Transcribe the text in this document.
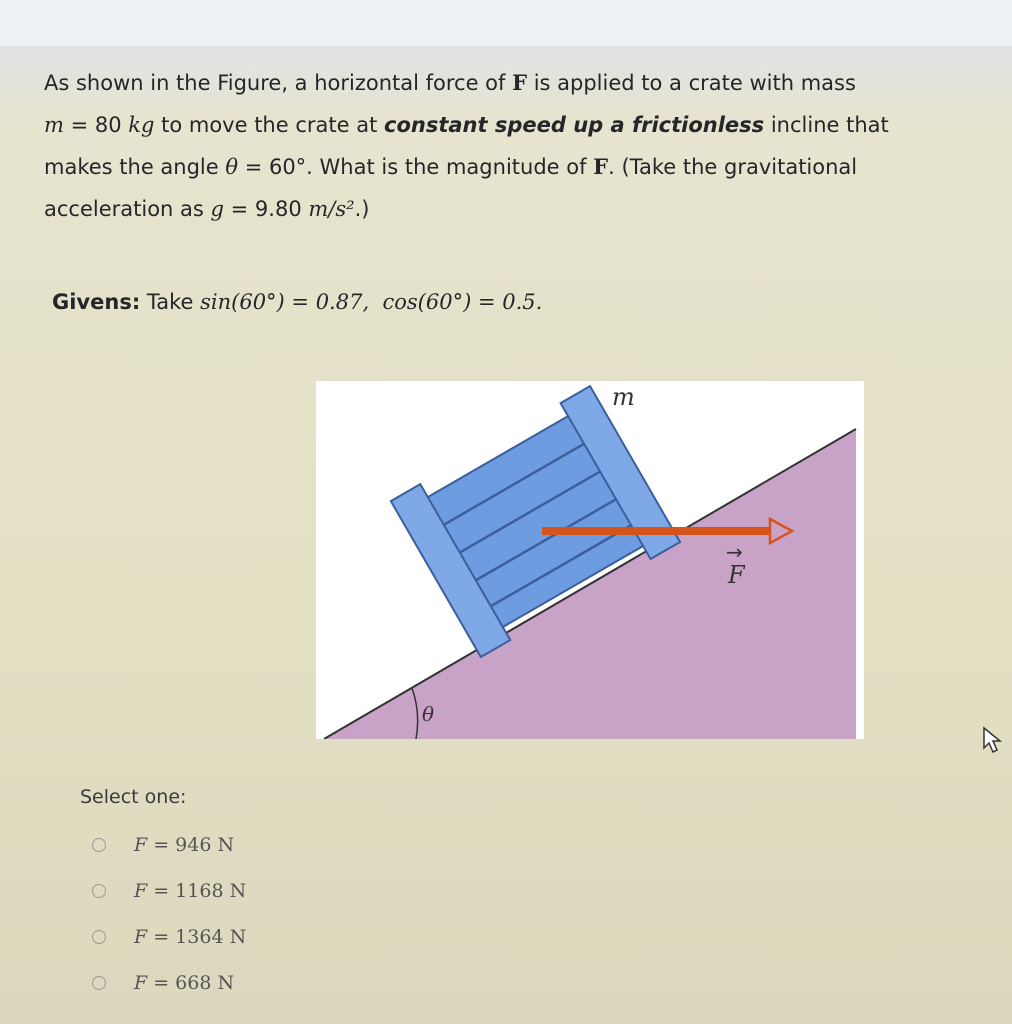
As shown in the Figure, a horizontal force of F is applied to a crate with mass
m = 80 kg to move the crate at constant speed up a frictionless incline that
makes the angle θ = 60°. What is the magnitude of F. (Take the gravitational
acceleration as g = 9.80 m/s².)
Givens: Take sin(60°) = 0.87, cos(60°) = 0.5.
m
→
F
θ
Select one:
F = 946 N
F = 1168 N
F = 1364 N
F = 668 N
